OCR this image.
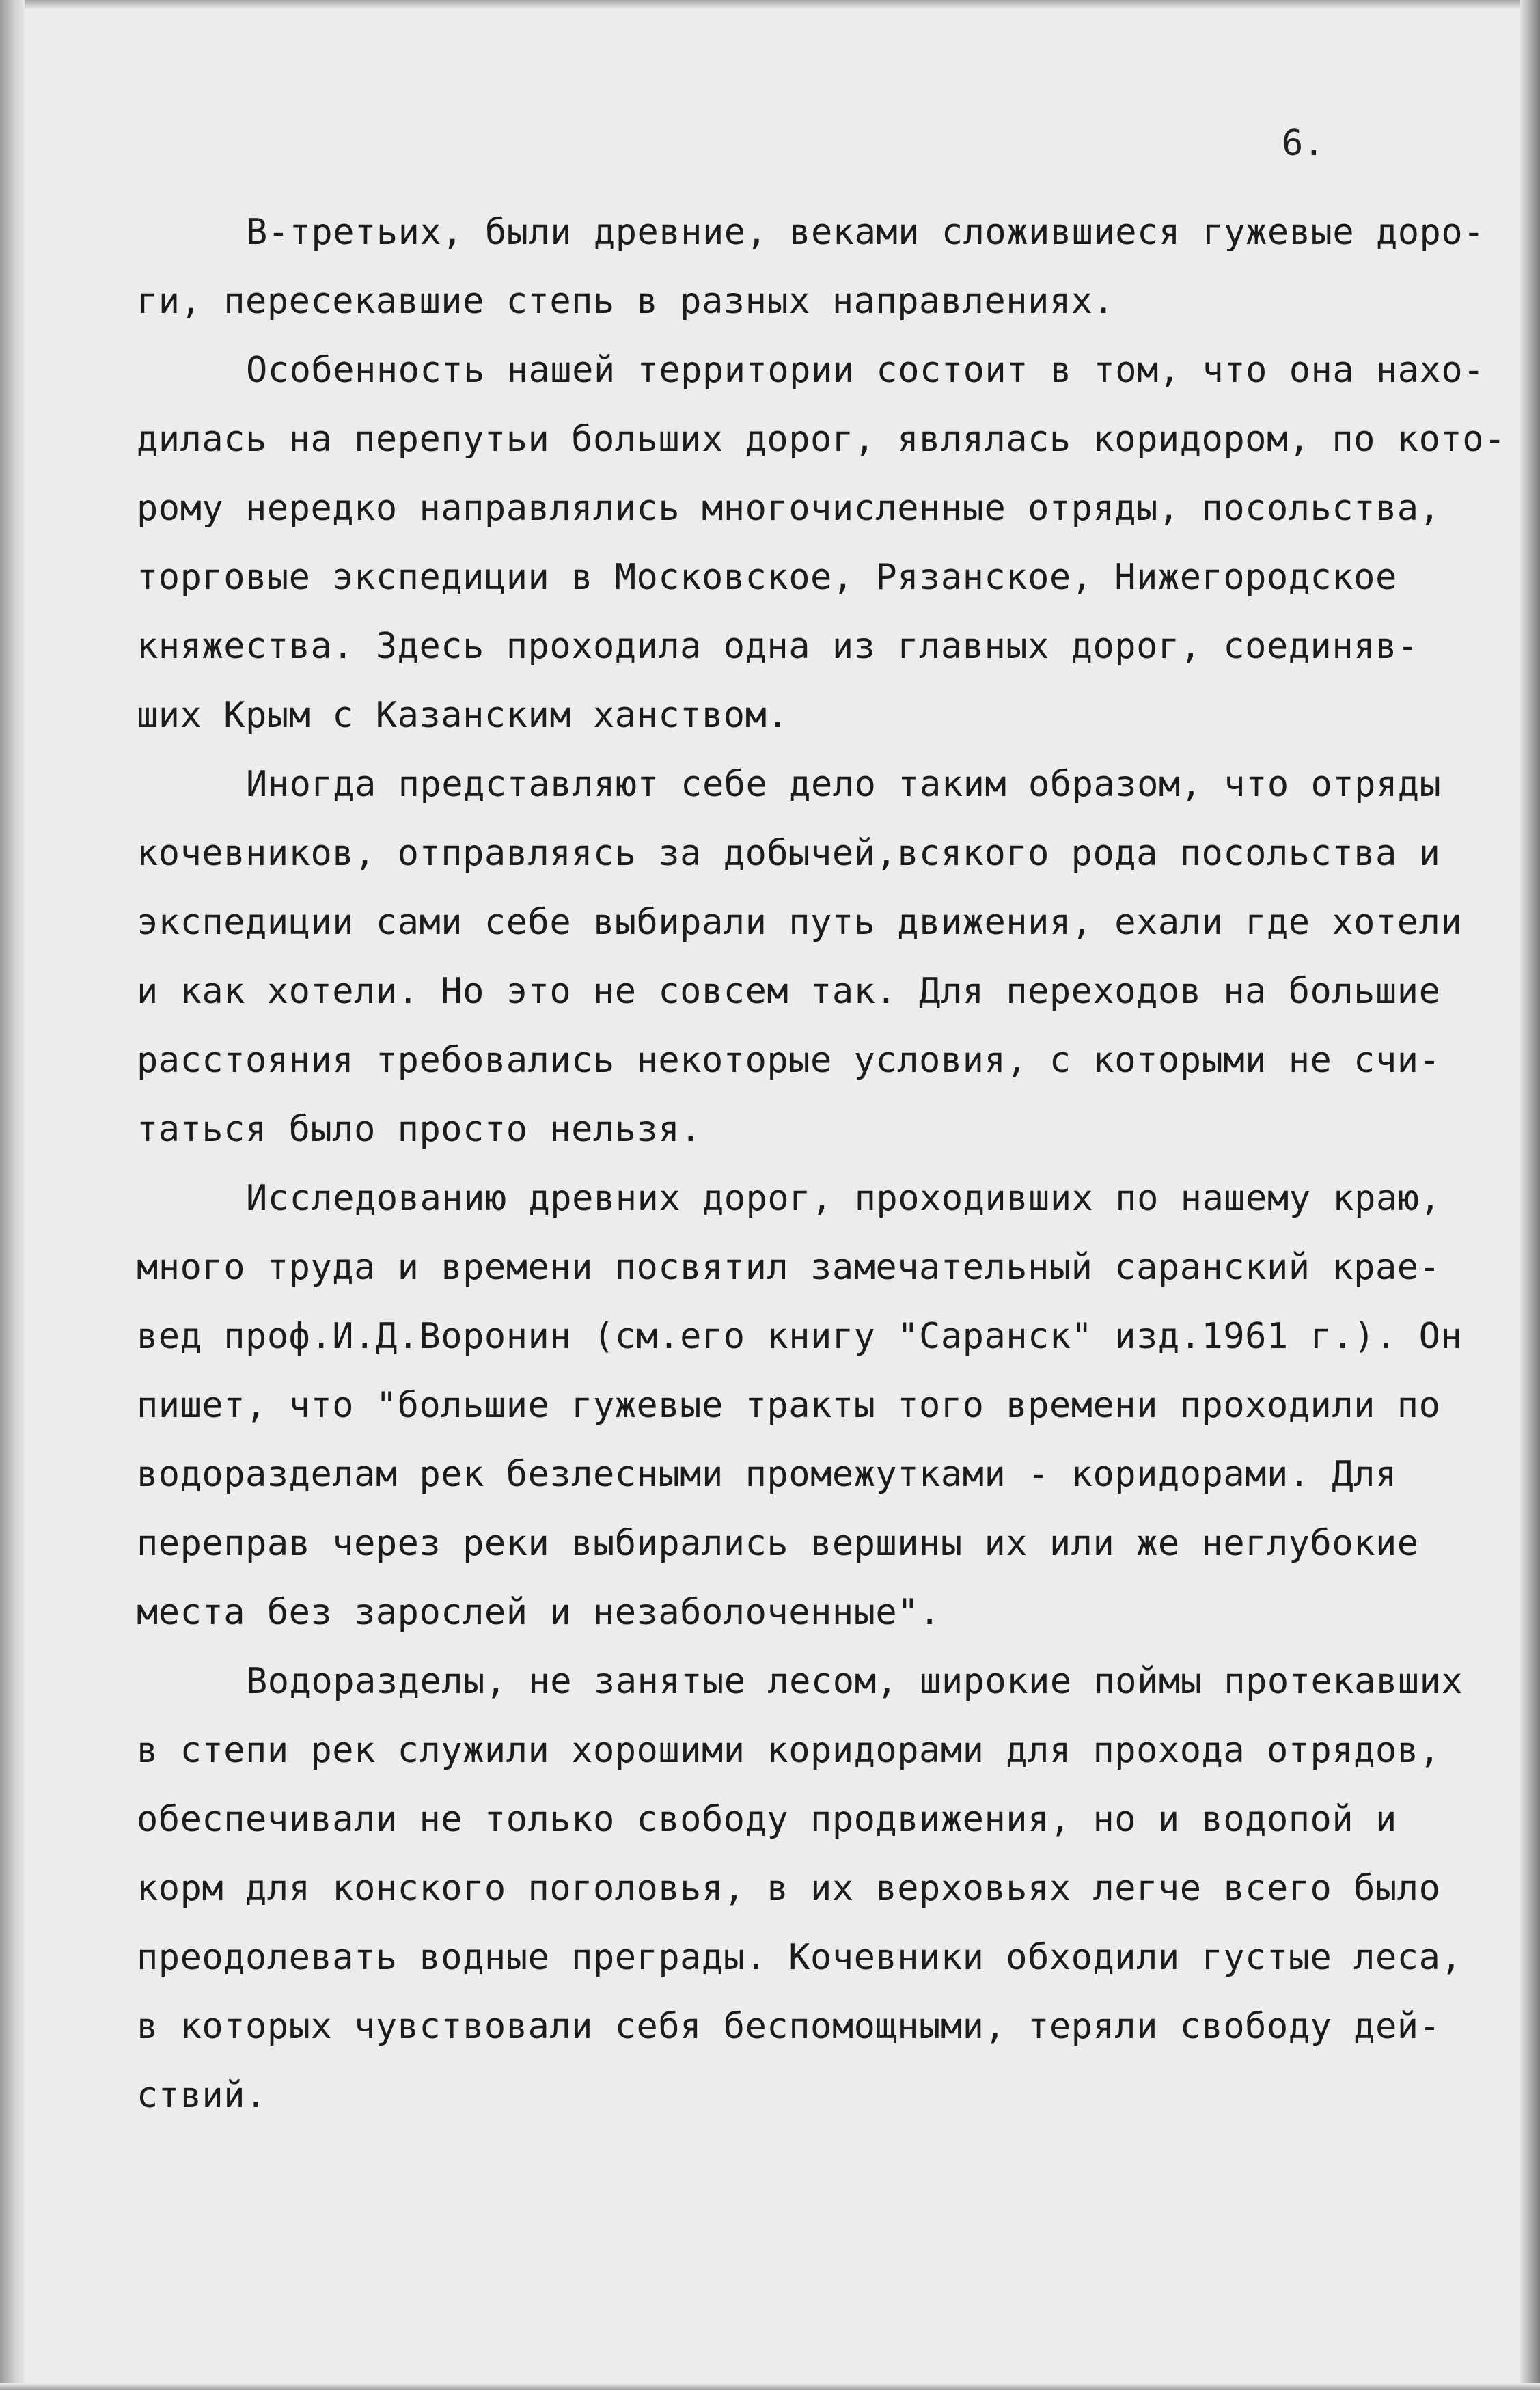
6.
В-третьих, были древние, веками сложившиеся гужевые доро-
ги, пересекавшие степь в разных направлениях.
Особенность нашей территории состоит в том, что она нахо-
дилась на перепутьи больших дорог, являлась коридором, по кото-
рому нередко направлялись многочисленные отряды, посольства,
торговые экспедиции в Московское, Рязанское, Нижегородское
княжества. Здесь проходила одна из главных дорог, соединяв-
ших Крым с Казанским ханством.
Иногда представляют себе дело таким образом, что отряды
кочевников, отправляясь за добычей,всякого рода посольства и
экспедиции сами себе выбирали путь движения, ехали где хотели
и как хотели. Но это не совсем так. Для переходов на большие
расстояния требовались некоторые условия, с которыми не счи-
таться было просто нельзя.
Исследованию древних дорог, проходивших по нашему краю,
много труда и времени посвятил замечательный саранский крае-
вед проф.И.Д.Воронин (см.его книгу "Саранск" изд.1961 г.). Он
пишет, что "большие гужевые тракты того времени проходили по
водоразделам рек безлесными промежутками - коридорами. Для
переправ через реки выбирались вершины их или же неглубокие
места без зарослей и незаболоченные".
Водоразделы, не занятые лесом, широкие поймы протекавших
в степи рек служили хорошими коридорами для прохода отрядов,
обеспечивали не только свободу продвижения, но и водопой и
корм для конского поголовья, в их верховьях легче всего было
преодолевать водные преграды. Кочевники обходили густые леса,
в которых чувствовали себя беспомощными, теряли свободу дей-
ствий.
